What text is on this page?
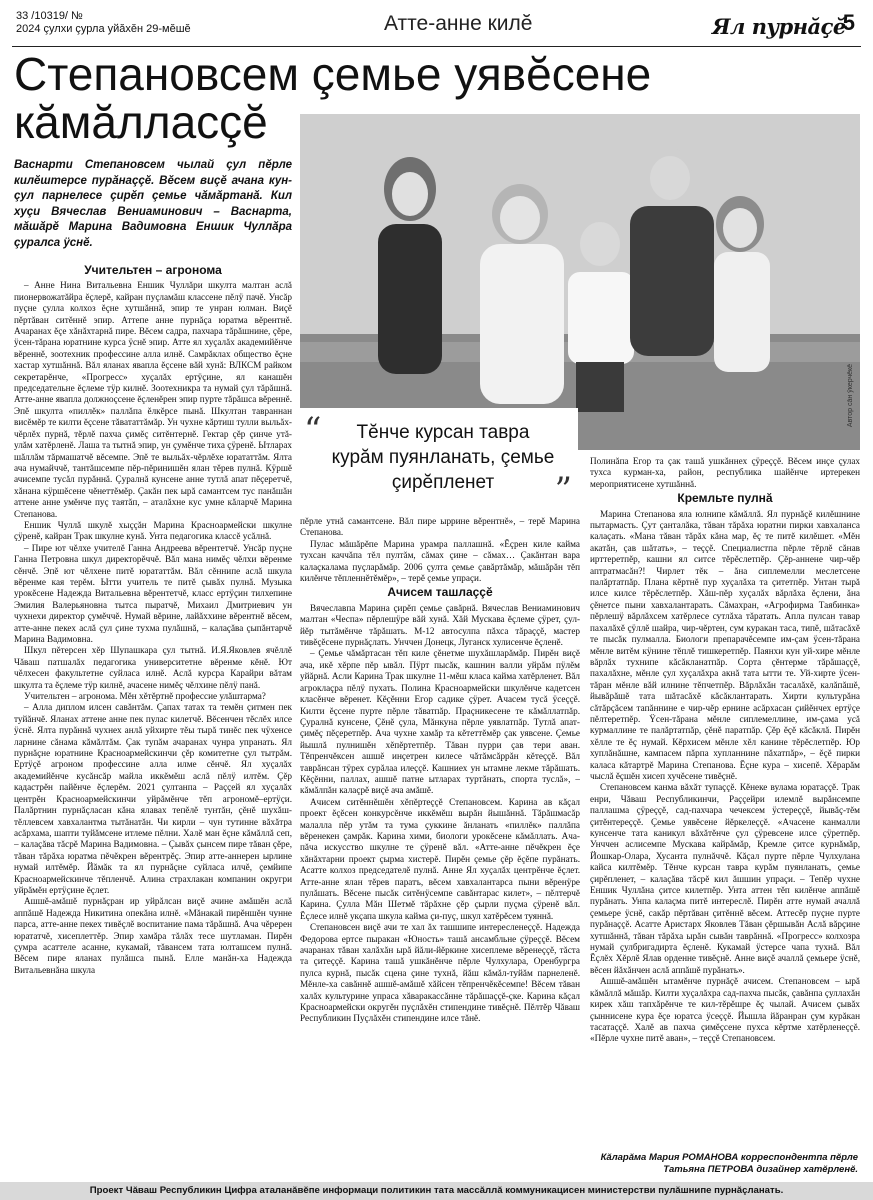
33 /10319/ №
2024 çулхи çурла уйăхĕн 29-мĕшĕ	Атте-анне килĕ	Ял пурнăçĕ
5
Степановсем çемье уявĕсене кăмăлласçĕ

Васнарти Степановсем чылай çул пĕрле килĕштерсе пурăнаççĕ. Вĕсем виçĕ ачана кун-çул парнелесе çирĕп çемье чăмăртанă. Кил хуçи Вячеслав Вениаминович – Васнарта, мăшăрĕ Марина Вадимовна Еншик Чуллăра çуралса ÿснĕ.

Учительтен – агронома

– Анне Нина Витальевна Еншик Чуллăри шкулта малтан аслă пионервожатăйра ĕçлерĕ, кайран пуçламăш класcене пĕлÿ пачĕ. Унсăр пуçне çулла колхоз ĕçне хутшăннă, эпир те унран юлман. Виçĕ пĕртăван ситĕннĕ эпир. Аттепе анне пурнăçа юратма вĕрентнĕ. Ачаранах ĕçе хăнăхтарнă пире. Вĕсем садра, пахчара тăрăшнине, çĕре, ÿсен-тăрана юратнине курса ÿснĕ эпир. Атте ял хуçалăх академийĕнче вĕреннĕ, зоотехник профессине алла илнĕ. Самрăклах общество ĕçне хастар хутшăннă. Вăл яланах явапла ĕçсене вăй хунă: ВЛКСМ райком секретарĕнче, «Прогресс» хуçалăх ертÿçине, ял канашĕн председательне ĕçлеме тÿр килнĕ. Зоотехникра та нумай çул тăрăшнă. Атте-анне явапла должноçсене ĕçленĕрен эпир пурте тăрăшса вĕреннĕ. Эпĕ шкулта «пиллĕк» паллăпа ĕлкĕрсе пынă. Шкултан тавраннан висĕмĕр те килти ĕçсене тăвататтăмăр. Ун чухне кăртиш тулли выльăх-чĕрлĕх пурнă, тĕрлĕ пахча çимĕç ситĕнтернĕ. Гектар çĕр çинче утă-улăм хатĕрленĕ. Лаша та тытнă эпир, ун çумĕнче тиха çÿренĕ. Ытларах шăллăм тăрмашатчĕ вĕсемпе. Эпĕ те выльăх-чĕрлĕхе юрататтăм. Ялта ача нумайччĕ, тантăшсемпе пĕр-пĕринишĕн ялан тĕрев пулнă. Кÿршĕ ачисемпе тусăл пурăннă. Çуралнă кунсене анне тутлă апат пĕçеретчĕ, хăнана кÿршĕсене чĕнеттĕмĕр. Çакăн пек ырă самантсем тус панăшăн аттене анне умĕнче пуç таятăп, – аталăхне кус умне кăларчĕ Марина Степанова.

Еншик Чуллă шкулĕ хыççăн Марина Красноармейски шкулне çÿренĕ, кайран Трак шкулне кунă. Унта педагогика классĕ усăлнă.

– Пире ют чĕлхе учителĕ Ганна Андреева вĕрентетчĕ. Унсăр пуçне Ганна Петровна шкул директорĕччĕ. Вăл мана нимĕç чĕлхи вĕренме сĕнчĕ. Эпĕ ют чĕлхене питĕ юрататтăм. Вăл сĕннипе аслă шкула вĕренме кая терĕм. Ытти учитель те питĕ çывăх пулнă. Музыка урокĕсене Надежда Витальевна вĕрентетчĕ, класс ертÿçин тилхепине Эмилия Валерьяновна тытса пыратчĕ, Михаил Дмитриевич ун чухнехи директор çумĕччĕ. Нумай вĕрине, лайăххине вĕрентнĕ вĕсем, атте-анне пекех аслă çул çине тухма пулăшнă, – калаçăва çыпăнтарчĕ Марина Вадимовна.

Шкул пĕтерсен хĕр Шупашкара çул тытнă. И.Я.Яковлев ячĕллĕ Чăваш патшалăх педагогика университетне вĕренме кĕнĕ. Ют чĕлхесен факультетне суйласа илнĕ. Аслă курсра Карайри вăтам шкулта та ĕçлеме тÿр килнĕ, ачасене нимĕç чĕлхине пĕлÿ панă.

Учительтен – агронома. Мĕн хĕтĕртнĕ профессие улăштарма?

– Алла диплом илсен савăнтăм. Çапах татах та темĕн çитмен пек туйăнчĕ. Яланах аттене анне пек пулас килетчĕ. Вĕсенчен тĕслĕх илсе ÿснĕ. Ялта пурăннă чухнех анлă уйхирте тĕы тырă тинĕс пек чÿхенсе ларнине сăнама кăмăлтăм. Çак тупăм ачаранах чунра упранать. Ял пурнăçне юратнине Красноармейскинчи çĕр комитетне çул тытрăм. Ертÿçĕ агроном профессине алла илме сĕнчĕ. Ял хуçалăх академийĕнче кусăнсăр майла иккĕмĕш аслă пĕлÿ илтĕм. Çĕр кадастрĕн пайĕнче ĕçлерĕм. 2021 çултанпа – Раççей ял хуçалăх центрĕн Красноармейскинчи уйрăмĕнче тĕп агрономĕ–ертÿçи. Палăртнин пурнăçласан кăна ялавах тепĕлĕ тунтăн, çĕнĕ шухăш-тĕллевсем хавхалантма тытăнатăн. Чи кирли – чун тутинне вăхăтра асăрхама, шапти туйăмсене итлеме пĕлни. Халĕ ман ĕçне кăмăллă сеп, – калаçăва тăсрĕ Марина Вадимовна. – Çывăх çынсем пире тăван çĕре, тăван тăрăха юратма пĕчĕкрен вĕрентрĕç. Эпир атте-аннерен ырлине нумай илтĕмĕр. Йăмăк та ял пурнăçне суйласа илчĕ, çемйипе Красноармейскинче тĕпленчĕ. Алина страхлакан компанин округри уйрăмĕн ертÿçине ĕçлет.

Ашшĕ-амăшĕ пурнăçран ир уйрăлсан виçĕ ачине амăшĕн аслă аппăшĕ Надежда Никитина опекăна илнĕ. «Мăнакай пирĕншĕн чунне парса, атте-анне пекех тивĕçлĕ воспитание пама тăрăшнă. Ача чĕререн юрататчĕ, хисеплеттĕр. Эпир хамăра тăлăх тесе шутламан. Пирĕн çумра асаттеле асанне, кукамай, тăвансем тата юлташсем пулнă. Вĕсем пире яланах пулăшса пынă. Елле манăн-ха Надежда Витальевнăна шкула

Автор сăн ÿкерчĕкĕ
“	Тĕнче курсан тавра курăм пуянланать, çемье çирĕпленет	”

пĕрле утнă самантсене. Вăл пире ыррине вĕрентнĕ», – терĕ Марина Степанова.

Пулас мăшăрĕпе Марина урамра паллашнă. «Ĕçрен киле кайма тухсан каччăпа тĕл пултăм, сăмах çине – сăмах… Çакăнтан вара калаçкалама пуçларăмăр. 2006 çулта çемье çавăртăмăр, мăшăрăн тĕп килĕнче тĕпленнĕтĕмĕр», – терĕ çемье упраçи.

Ачисем ташлаççĕ

Вячеславпа Марина çирĕп çемье çавăрнă. Вячеслав Вениаминович малтан «Чеспа» пĕрлешÿре вăй хунă. Хăй Мускава ĕçлеме çÿрет, çул-йĕр тытăмĕнче тăрăшать. М-12 автосулпа пăхса тăраççĕ, мастер тивĕçĕсене пурнăçлать. Унччен Донецк, Луганск хулисенче ĕçленĕ.

– Çемье чăмăртасан тĕп киле çĕнетме шухăшларăмăр. Пирĕн виçĕ ача, икĕ хĕрпе пĕр ывăл. Пÿрт пысăк, кашнин валли уйрăм пÿлĕм уйăрнă. Асли Карина Трак шкулне 11-мĕш класа кайма хатĕрленет. Вăл агроклаçра пĕлÿ пухать. Полина Красноармейски шкулĕнче кадетсен класĕнче вĕренет. Кĕçĕнни Егор садике çÿрет. Ачасем тусă ÿсеççĕ. Килти ĕçсене пурте пĕрле тăватпăр. Праçникесене те кăмăллатпăр. Çуралнă кунсене, Çĕнĕ çула, Мăнкуна пĕрле уявлатпăр. Тутлă апат-çимĕç пĕçеретпĕр. Ача чухне хамăр та кĕтеттĕмĕр çак уявсене. Çемье йышлă пулнишĕн хĕпĕртетпĕр. Тăван пурри çав тери аван. Тĕпренчĕксен ашшĕ инçетрен килесе чăтăмсăррăн кĕтеççĕ. Вăл таврăнсан тÿрех сурăлаа илеççĕ. Кашниех ун ытамне лекме тăрăшать. Кĕçĕнни, паллах, ашшĕ патне ытларах туртăнать, спорта туслă», – кăмăлпăн калаçрĕ виçĕ ача амăшĕ.

Ачисем ситĕннĕшĕн хĕпĕртеççĕ Степановсем. Карина ав кăçал проект ĕçĕсен конкурсĕнче иккĕмĕш вырăн йышăннă. Тăрăшмасăр малалла пĕр утăм та тума çуккине ăнланать «пиллĕк» паллăпа вĕренекен çамрăк. Карина хими, биологи урокĕсене кăмăллать. Ача-пăча искусство шкулне те çÿренĕ вăл. «Атте-анне пĕчĕкрен ĕçе хăнăхтарни проект çырма хистерĕ. Пирĕн çемье çĕр ĕçĕпе пурăнать. Асатте колхоз председателĕ пулнă. Анне Ял хуçалăх центрĕнче ĕçлет. Атте-анне ялан тĕрев паратъ, вĕсем хавхалантарса пыни вĕренÿре пулăшать. Вĕсене пысăк ситĕнÿсемпе савăнтарас килет», – пĕлтерчĕ Карина. Çулла Мăн Шетмĕ тăрăхне çĕр çырли пуçма çÿренĕ вăл. Ĕçлесе илнĕ укçапа шкула кайма çи-пуç, шкул хатĕрĕсем туяннă.

Степановсен виçĕ ачи те хал ăх ташшипе интересленеççĕ. Надежда Федорова ертсе пыракан «Юность» ташă ансамбльне çÿреççĕ. Вĕсем ачаранах тăван халăхăн ырă йăли-йĕркине хисеплеме вĕренеççĕ, тăста та çитеççĕ. Карина ташă ушкăнĕнче пĕрле Чулхулара, Оренбургра пулса курнă, пысăк сцена çине тухнă, йăш кăмăл-туйăм парнеленĕ. Мĕнле-ха савăннĕ ашшĕ-амăшĕ хăйсен тĕпренчĕкĕсемпе! Вĕсем тăван халăх культурине упраса хăваракассăнне тăрăшаççĕ-çке. Карина кăçал Красноармейски округĕн пуçлăхĕн стипендине тивĕçнĕ. Пĕлтĕр Чăваш Республикин Пуçлăхĕн стипендине илсе тăнĕ.

Полинăпа Егор та çак ташă ушкăннех çÿреççĕ. Вĕсем инçе çулах тухса курман-ха, район, республика шайĕнче иртерекен мероприятисене хутшăннă.

Кремльте пулнă

Марина Степанова яла юлнипе кăмăллă. Ял пурнăçĕ килĕшнине пытармасть. Çут çанталăка, тăван тăрăха юратни пирки хавхаланса калаçать. «Мана тăван тăрăх кăна мар, ĕç те питĕ килĕшет. «Мĕн акатăн, çав шăтать», – теççĕ. Специалистпа пĕрле тĕрлĕ сăнав ирттеретпĕр, кашни ял ситсе тĕрĕслетпĕр. Çĕр-аннене чир-чĕр аптратмасăн?! Чирлет тĕк – ăна сиплемелли меслетсене палăртатпăр. Плана кĕртнĕ пур хуçалăха та çитетпĕр. Унтан тырă илсе килсе тĕрĕслетпĕр. Хăш-пĕр хуçалăх вăрлăха ĕçлени, ăна çĕнетсе пыни хавхалантарать. Сăмахран, «Агрофирма Таябинка» пĕрлешÿ вăрлăхсем хатĕрлесе сутлăха тăратать. Апла пулсан тавар пахалăхĕ çÿллĕ шайра, чир-чĕртен, сум куракан таса, типĕ, шăтасăхĕ те пысăк пулмалла. Биологи препарачĕсемпе им-çам ÿсен-тăрана мĕнле витĕм кÿнине тĕплĕ тишкеретпĕр. Паянхи кун уй-хире мĕнле вăрлăх тухнипе кăсăкланатпăр. Сорта çĕнтерме тăрăшаççĕ, пахалăхне, мĕнле çул хуçалăхра акнă тата ытти те. Уй-хирте ÿсен-тăран мĕнле вăй илнине тĕпчетпĕр. Вăрлăхăн тасалăхĕ, калăпăшĕ, йывăрăшĕ тата шăтасăхĕ кăсăклантарать. Хирти культурăна сăтăрçăсем тапăннине е чир-чĕр ернине асăрхасан çийĕнчех ертÿçе пĕлтеретпĕр. Ÿсен-тăрана мĕнле сиплемеллине, им-çама усă курмаллине те палăртатпăр, çĕнĕ паратпăр. Çĕр ĕçĕ кăсăклă. Пирĕн хĕлле те ĕç нумай. Кĕрхисем мĕнле хĕл канине тĕрĕслетпĕр. Юр хуплăнăшне, кампасем пăрпа хупланнине пăхатпăр», – ĕçĕ пирки каласа кăтартрĕ Марина Степанова. Ĕçне кура – хисепĕ. Хĕрарăм чыслă ĕçшĕн хисеп хучĕсене тивĕçнĕ.

Степановсем канма вăхăт тупаççĕ. Кĕнеке вулама юратаççĕ. Трак енри, Чăваш Республикинчи, Раççейри илемлĕ вырăнсемпе паллашма çÿреççĕ, сад-пахчара чечексем ÿстереççĕ, йывăç-тĕм çитĕнтереççĕ. Çемье уявĕсене йĕркелеççĕ. «Ачасене канмалли кунсенче тата каникул вăхăтĕнче çул çÿревсене илсе çÿретпĕр. Унччен аслисемпе Мускава кайрăмăр, Кремле çитсе курнăмăр, Йошкар-Олара, Хусанта пулнăччĕ. Кăçал пурте пĕрле Чулхулана кайса килтĕмĕр. Тĕнче курсан тавра курăм пуянланать, çемье çирĕпленет, – калаçăва тăсрĕ кил ăшшин упраçи. – Тепĕр чухне Еншик Чуллăна çитсе килетпĕр. Унта аттен тĕп килĕнче аппăшĕ пурăнать. Унпа калаçма питĕ интереслĕ. Пирĕн атте нумай ачаллă çемьере ÿснĕ, сакăр пĕртăван çитĕннĕ вĕсем. Аттесĕр пуçне пурте пурăнаççĕ. Асатте Аристарх Яковлев Тăван çĕршывăн Аслă вăрçине хутшăннă, тăван тăрăха ырăн сывăн таврăннă. «Прогресс» колхозра нумай çулбригадирта ĕçленĕ. Кукамай ÿстерсе чапа тухнă. Вăл Ĕçлĕх Хĕрлĕ Ялав орденне тивĕçнĕ. Анне виçĕ ачаллă çемьере ÿснĕ, вĕсен йăхăнчен аслă аппăшĕ пурăнать».

Ашшĕ-амăшĕн ытамĕнче пурнăçĕ ачисем. Степановсем – ырă кăмăллă мăшăр. Килти хуçалăхра сад-пахча пысăк, çавăнпа çуллахăн кирек хăш тапхăрĕнче те кил-тĕрĕшре ĕç чылай. Ачисем çывăх çыннисене кура ĕçе юратса ÿсеççĕ. Йышла йăранран çум курăкан тасатаççĕ. Халĕ ав пахча çимĕçсене пухса кĕртме хатĕрленеççĕ. «Пĕрле чухне питĕ аван», – теççĕ Степановсем.

Кăларăма Мария РОМАНОВА корреспондентпа пĕрле
Татьяна ПЕТРОВА дизайнер хатĕрленĕ.
Проект Чăваш Республикин Цифра аталанăвĕпе информаци политикин тата массăллă коммуникацисен министерстви пулăшнипе пурнăçланать.
